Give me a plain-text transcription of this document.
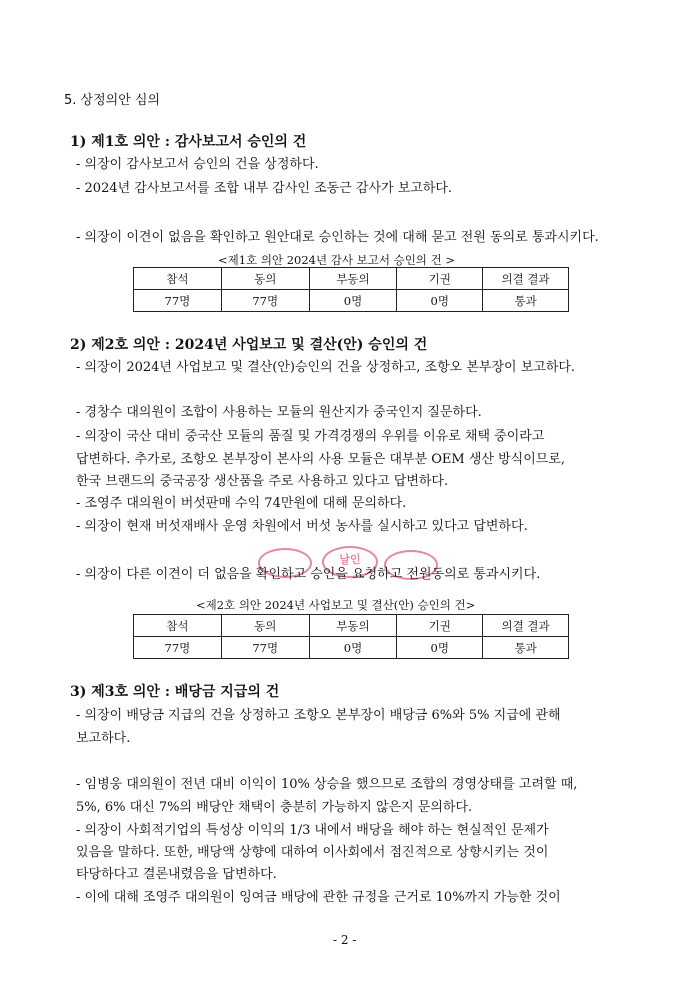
5. 상정의안 심의
1) 제1호 의안 : 감사보고서 승인의 건
- 의장이 감사보고서 승인의 건을 상정하다.
- 2024년 감사보고서를 조합 내부 감사인 조동근 감사가 보고하다.
- 의장이 이견이 없음을 확인하고 원안대로 승인하는 것에 대해 묻고 전원 동의로 통과시키다.
<제1호 의안 2024년 감사 보고서 승인의 건 >
참석	동의	부동의	기권	의결 결과
77명	77명	0명	0명	통과
2) 제2호 의안 : 2024년 사업보고 및 결산(안) 승인의 건
- 의장이 2024년 사업보고 및 결산(안)승인의 건을 상정하고, 조항오 본부장이 보고하다.
- 경창수 대의원이 조합이 사용하는 모듈의 원산지가 중국인지 질문하다.
- 의장이 국산 대비 중국산 모듈의 품질 및 가격경쟁의 우위를 이유로 채택 중이라고
답변하다. 추가로, 조항오 본부장이 본사의 사용 모듈은 대부분 OEM 생산 방식이므로,
한국 브랜드의 중국공장 생산품을 주로 사용하고 있다고 답변하다.
- 조영주 대의원이 버섯판매 수익 74만원에 대해 문의하다.
- 의장이 현재 버섯재배사 운영 차원에서 버섯 농사를 실시하고 있다고 답변하다.
날인
- 의장이 다른 이견이 더 없음을 확인하고 승인을 요청하고 전원동의로 통과시키다.
<제2호 의안 2024년 사업보고 및 결산(안) 승인의 건>
참석	동의	부동의	기권	의결 결과
77명	77명	0명	0명	통과
3) 제3호 의안 : 배당금 지급의 건
- 의장이 배당금 지급의 건을 상정하고 조항오 본부장이 배당금 6%와 5% 지급에 관해
보고하다.
- 임병웅 대의원이 전년 대비 이익이 10% 상승을 했으므로 조합의 경영상태를 고려할 때,
5%, 6% 대신 7%의 배당안 채택이 충분히 가능하지 않은지 문의하다.
- 의장이 사회적기업의 특성상 이익의 1/3 내에서 배당을 해야 하는 현실적인 문제가
있음을 말하다. 또한, 배당액 상향에 대하여 이사회에서 점진적으로 상향시키는 것이
타당하다고 결론내렸음을 답변하다.
- 이에 대해 조영주 대의원이 잉여금 배당에 관한 규정을 근거로 10%까지 가능한 것이
- 2 -
